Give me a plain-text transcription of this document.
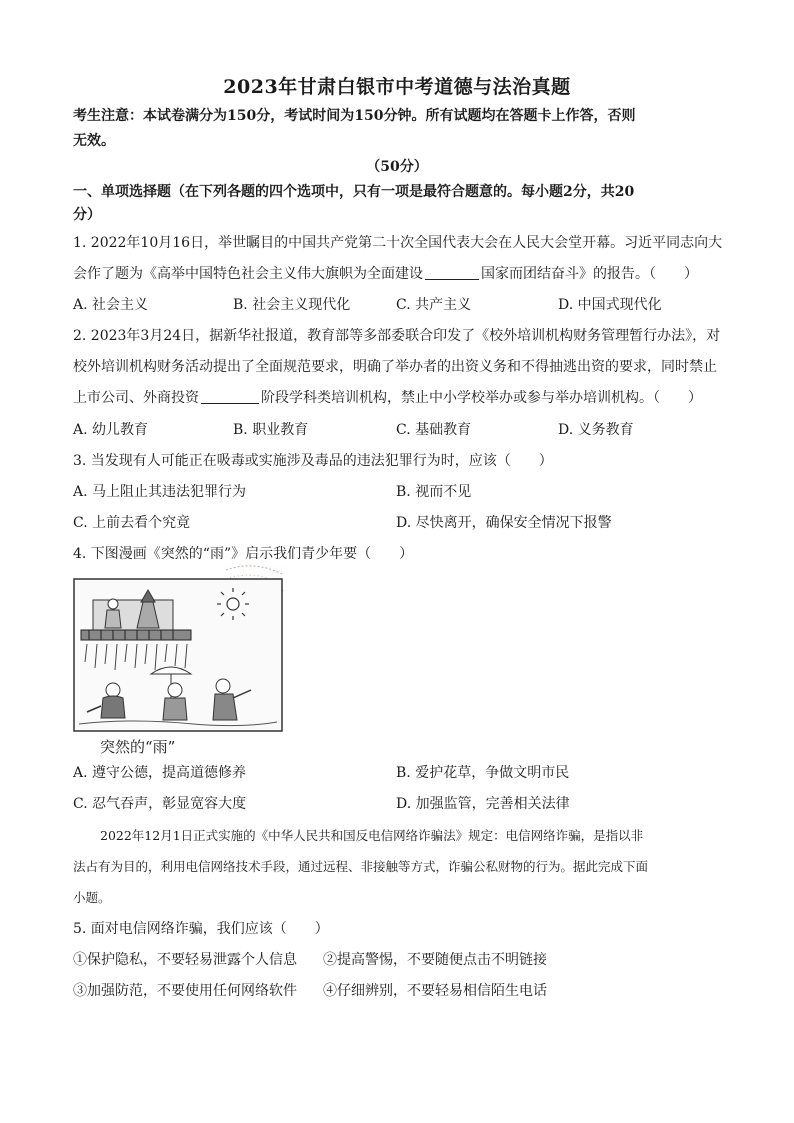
2023年甘肃白银市中考道德与法治真题
考生注意：本试卷满分为150分，考试时间为150分钟。所有试题均在答题卡上作答，否则
无效。
（50分）
一、单项选择题（在下列各题的四个选项中，只有一项是最符合题意的。每小题2分，共20
分）
1. 2022年10月16日，举世瞩目的中国共产党第二十次全国代表大会在人民大会堂开幕。习近平同志向大
会作了题为《高举中国特色社会主义伟大旗帜为全面建设	国家而团结奋斗》的报告。（　　）
A. 社会主义	B. 社会主义现代化	C. 共产主义	D. 中国式现代化
2. 2023年3月24日，据新华社报道，教育部等多部委联合印发了《校外培训机构财务管理暂行办法》，对
校外培训机构财务活动提出了全面规范要求，明确了举办者的出资义务和不得抽逃出资的要求，同时禁止
上市公司、外商投资	阶段学科类培训机构，禁止中小学校举办或参与举办培训机构。（　　）
A. 幼儿教育	B. 职业教育	C. 基础教育	D. 义务教育
3. 当发现有人可能正在吸毒或实施涉及毒品的违法犯罪行为时，应该（　　）
A. 马上阻止其违法犯罪行为	B. 视而不见
C. 上前去看个究竟	D. 尽快离开，确保安全情况下报警
4. 下图漫画《突然的“雨”》启示我们青少年要（　　）
突然的“雨”
A. 遵守公德，提高道德修养	B. 爱护花草，争做文明市民
C. 忍气吞声，彰显宽容大度	D. 加强监管，完善相关法律
2022年12月1日正式实施的《中华人民共和国反电信网络诈骗法》规定：电信网络诈骗，是指以非
法占有为目的，利用电信网络技术手段，通过远程、非接触等方式，诈骗公私财物的行为。据此完成下面
小题。
5. 面对电信网络诈骗，我们应该（　　）
①保护隐私，不要轻易泄露个人信息 ②提高警惕，不要随便点击不明链接
③加强防范，不要使用任何网络软件 ④仔细辨别，不要轻易相信陌生电话
